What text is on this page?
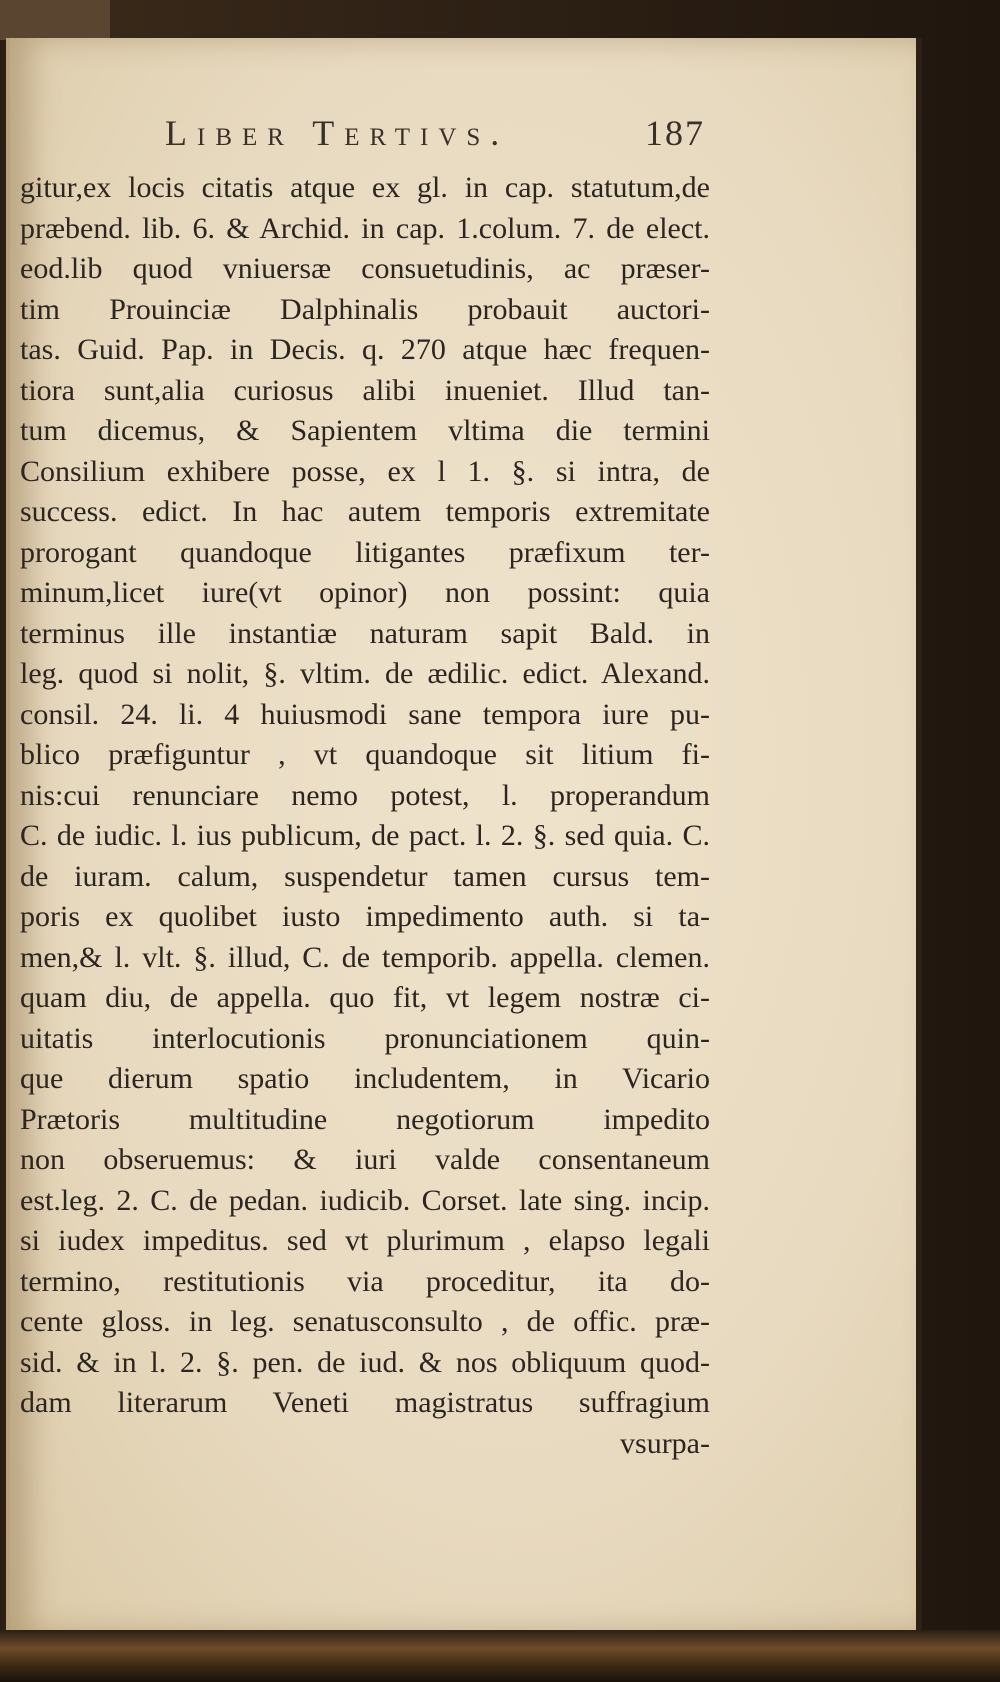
Liber Tertivs.	187
gitur,ex locis citatis atque ex gl. in cap. statutum,de
præbend. lib. 6. & Archid. in cap. 1.colum. 7. de elect.
eod.lib quod vniuersæ consuetudinis, ac præser-
tim Prouinciæ Dalphinalis probauit auctori-
tas. Guid. Pap. in Decis. q. 270 atque hæc frequen-
tiora sunt,alia curiosus alibi inueniet. Illud tan-
tum dicemus, & Sapientem vltima die termini
Consilium exhibere posse, ex l 1. §. si intra, de
success. edict. In hac autem temporis extremitate
prorogant quandoque litigantes præfixum ter-
minum,licet iure(vt opinor) non possint: quia
terminus ille instantiæ naturam sapit Bald. in
leg. quod si nolit, §. vltim. de ædilic. edict. Alexand.
consil. 24. li. 4 huiusmodi sane tempora iure pu-
blico præfiguntur , vt quandoque sit litium fi-
nis:cui renunciare nemo potest, l. properandum
C. de iudic. l. ius publicum, de pact. l. 2. §. sed quia. C.
de iuram. calum, suspendetur tamen cursus tem-
poris ex quolibet iusto impedimento auth. si ta-
men,& l. vlt. §. illud, C. de temporib. appella. clemen.
quam diu, de appella. quo fit, vt legem nostræ ci-
uitatis interlocutionis pronunciationem quin-
que dierum spatio includentem, in Vicario
Prætoris multitudine negotiorum impedito
non obseruemus: & iuri valde consentaneum
est.leg. 2. C. de pedan. iudicib. Corset. late sing. incip.
si iudex impeditus. sed vt plurimum , elapso legali
termino, restitutionis via proceditur, ita do-
cente gloss. in leg. senatusconsulto , de offic. præ-
sid. & in l. 2. §. pen. de iud. & nos obliquum quod-
dam literarum Veneti magistratus suffragium
vsurpa-
